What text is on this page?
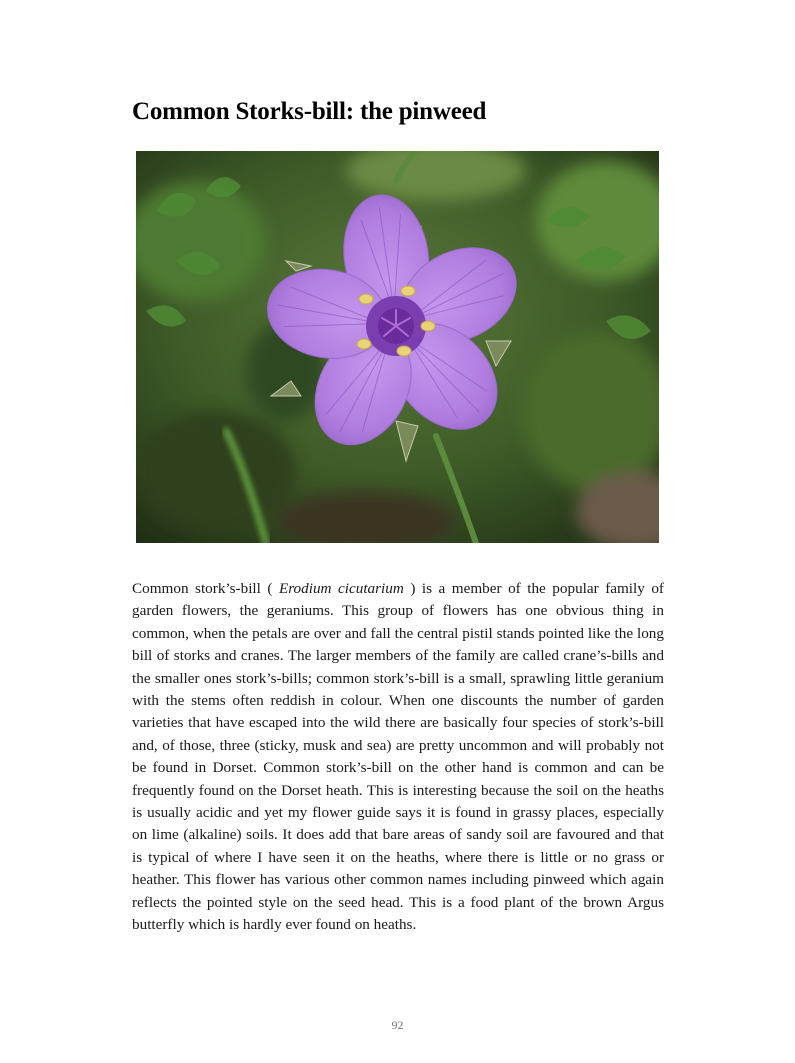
Common Storks-bill: the pinweed

Common stork’s-bill ( Erodium cicutarium ) is a member of the popular family of garden flowers, the geraniums. This group of flowers has one obvious thing in common, when the petals are over and fall the central pistil stands pointed like the long bill of storks and cranes. The larger members of the family are called crane’s-bills and the smaller ones stork’s-bills; common stork’s-bill is a small, sprawling little geranium with the stems often reddish in colour. When one discounts the number of garden varieties that have escaped into the wild there are basically four species of stork’s-bill and, of those, three (sticky, musk and sea) are pretty uncommon and will probably not be found in Dorset. Common stork’s-bill on the other hand is common and can be frequently found on the Dorset heath. This is interesting because the soil on the heaths is usually acidic and yet my flower guide says it is found in grassy places, especially on lime (alkaline) soils. It does add that bare areas of sandy soil are favoured and that is typical of where I have seen it on the heaths, where there is little or no grass or heather. This flower has various other common names including pinweed which again reflects the pointed style on the seed head. This is a food plant of the brown Argus butterfly which is hardly ever found on heaths.

92
